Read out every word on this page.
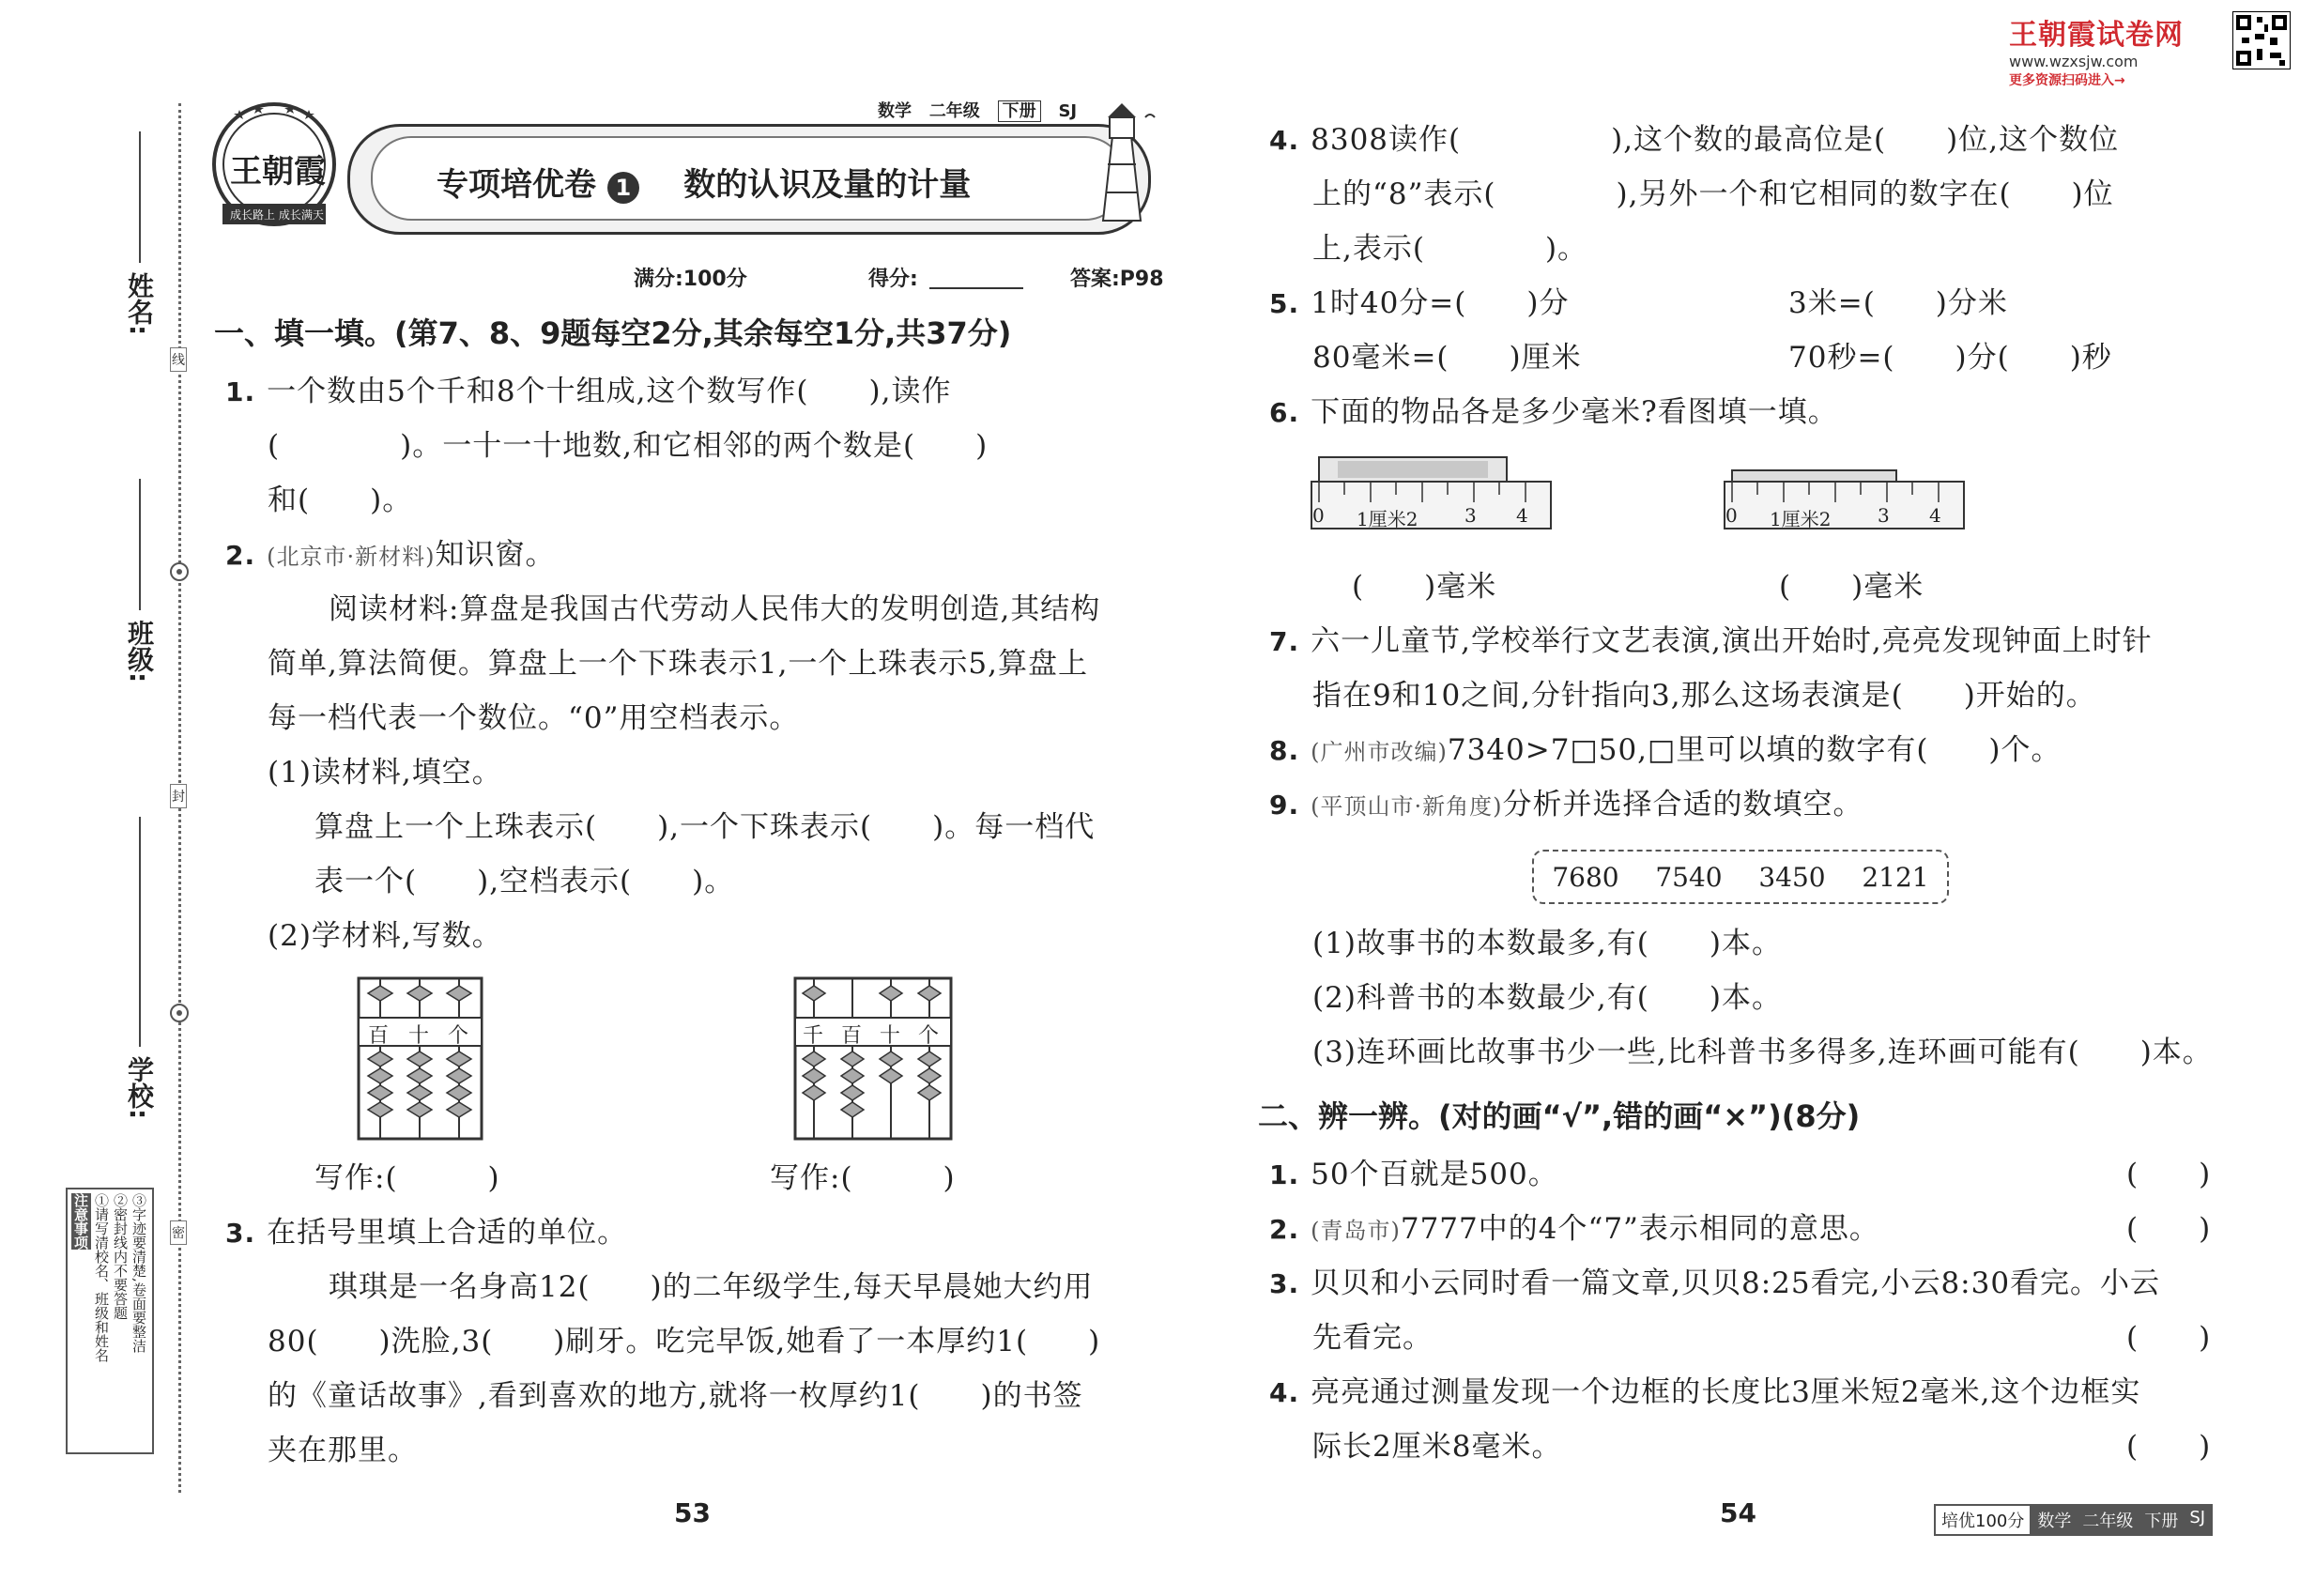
王朝霞试卷网
www.wzxsjw.com
更多资源扫码进入→
姓名:
班级:
学校:
线
封
密
注意事项 ①请写清校名、班级和姓名 ②密封线内不要答题 ③字迹要清楚,卷面要整洁
王朝霞
成长路上 成长满天
数学 二年级 下册 SJ
专项培优卷 1 数的认识及量的计量
满分:100分	得分:	答案:P98
一、填一填。(第7、8、9题每空2分,其余每空1分,共37分)
1. 一个数由5个千和8个十组成,这个数写作(　　),读作
(　　　　)。一十一十地数,和它相邻的两个数是(　　)
和(　　)。
2. (北京市·新材料)知识窗。
阅读材料:算盘是我国古代劳动人民伟大的发明创造,其结构
简单,算法简便。算盘上一个下珠表示1,一个上珠表示5,算盘上
每一档代表一个数位。“0”用空档表示。
(1)读材料,填空。
算盘上一个上珠表示(　　),一个下珠表示(　　)。每一档代
表一个(　　),空档表示(　　)。
(2)学材料,写数。
百 十 个	千 百 十 个
写作:(　　　)	写作:(　　　)
3. 在括号里填上合适的单位。
琪琪是一名身高12(　　)的二年级学生,每天早晨她大约用
80(　　)洗脸,3(　　)刷牙。吃完早饭,她看了一本厚约1(　　)
的《童话故事》,看到喜欢的地方,就将一枚厚约1(　　)的书签
夹在那里。
53
4. 8308读作(　　　　　),这个数的最高位是(　　)位,这个数位
上的“8”表示(　　　　),另外一个和它相同的数字在(　　)位
上,表示(　　　　)。
5. 1时40分=(　　)分	3米=(　　)分米
80毫米=(　　)厘米	70秒=(　　)分(　　)秒
6. 下面的物品各是多少毫米?看图填一填。
0 1厘米2 3 4	0 1厘米2 3 4
(　　)毫米	(　　)毫米
7. 六一儿童节,学校举行文艺表演,演出开始时,亮亮发现钟面上时针
指在9和10之间,分针指向3,那么这场表演是(　　)开始的。
8. (广州市改编)7340>7□50,□里可以填的数字有(　　)个。
9. (平顶山市·新角度)分析并选择合适的数填空。
7680 7540 3450 2121
(1)故事书的本数最多,有(　　)本。
(2)科普书的本数最少,有(　　)本。
(3)连环画比故事书少一些,比科普书多得多,连环画可能有(　　)本。
二、辨一辨。(对的画“√”,错的画“×”)(8分)
1. 50个百就是500。	(　　)
2. (青岛市)7777中的4个“7”表示相同的意思。	(　　)
3. 贝贝和小云同时看一篇文章,贝贝8:25看完,小云8:30看完。小云
先看完。	(　　)
4. 亮亮通过测量发现一个边框的长度比3厘米短2毫米,这个边框实
际长2厘米8毫米。	(　　)
54	培优100分 数学 二年级 下册 SJ
